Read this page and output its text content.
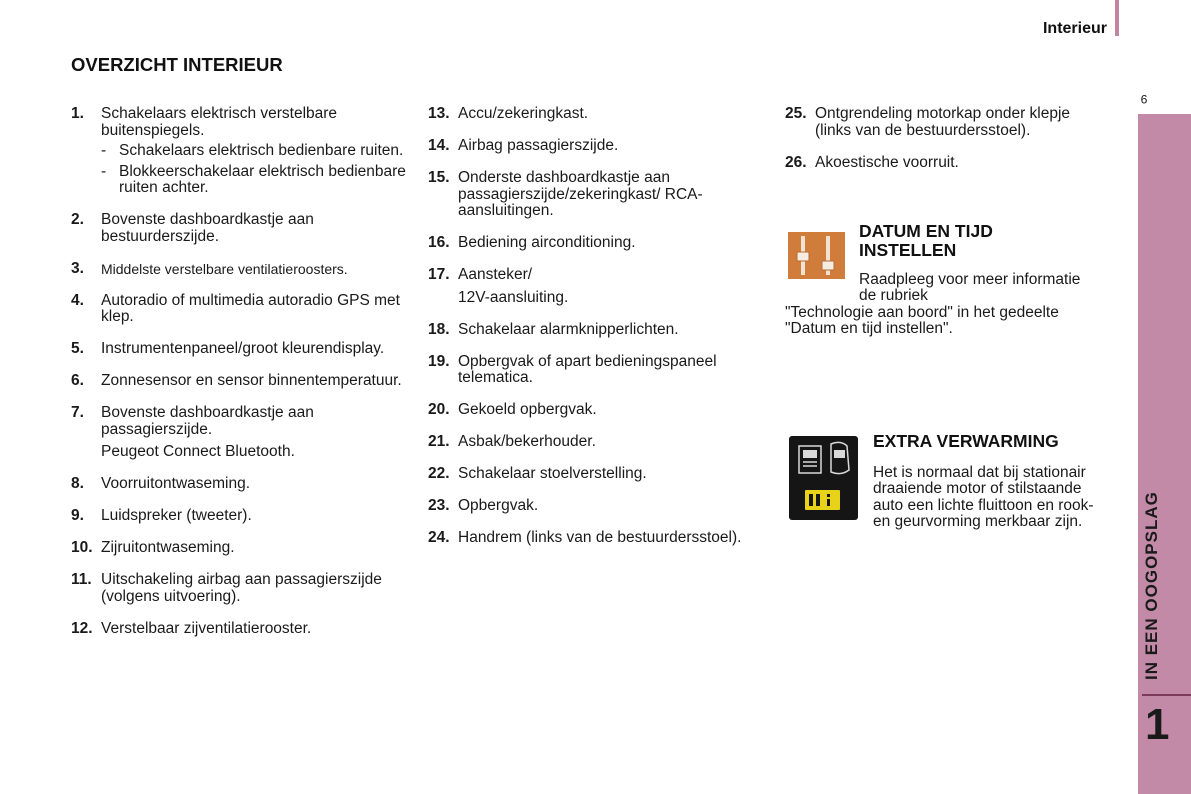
Interieur
9
IN EEN OOGOPSLAG
1
OVERZICHT INTERIEUR
1.	Schakelaars elektrisch verstelbare buitenspiegels.
- Schakelaars elektrisch bedienbare ruiten.
- Blokkeerschakelaar elektrisch bedienbare ruiten achter.
2.	Bovenste dashboardkastje aan bestuurderszijde.
3.	Middelste verstelbare ventilatieroosters.
4.	Autoradio of multimedia autoradio GPS met klep.
5.	Instrumentenpaneel/groot kleurendisplay.
6.	Zonnesensor en sensor binnentemperatuur.
7.	Bovenste dashboardkastje aan passagierszijde.
Peugeot Connect Bluetooth.
8.	Voorruitontwaseming.
9.	Luidspreker (tweeter).
10. Zijruitontwaseming.
11. Uitschakeling airbag aan passagierszijde (volgens uitvoering).
12. Verstelbaar zijventilatierooster.
13. Accu/zekeringkast.
14. Airbag passagierszijde.
15. Onderste dashboardkastje aan passagierszijde/zekeringkast/ RCA-aansluitingen.
16. Bediening airconditioning.
17. Aansteker/
12V-aansluiting.
18. Schakelaar alarmknipperlichten.
19. Opbergvak of apart bedieningspaneel telematica.
20. Gekoeld opbergvak.
21. Asbak/bekerhouder.
22. Schakelaar stoelverstelling.
23. Opbergvak.
24. Handrem (links van de bestuurdersstoel).
25. Ontgrendeling motorkap onder klepje (links van de bestuurdersstoel).
26. Akoestische voorruit.
DATUM EN TIJD INSTELLEN
Raadpleeg voor meer informatie de rubriek
"Technologie aan boord" in het gedeelte "Datum en tijd instellen".
EXTRA VERWARMING
Het is normaal dat bij stationair draaiende motor of stilstaande auto een lichte fluittoon en rook- en geurvorming merkbaar zijn.
